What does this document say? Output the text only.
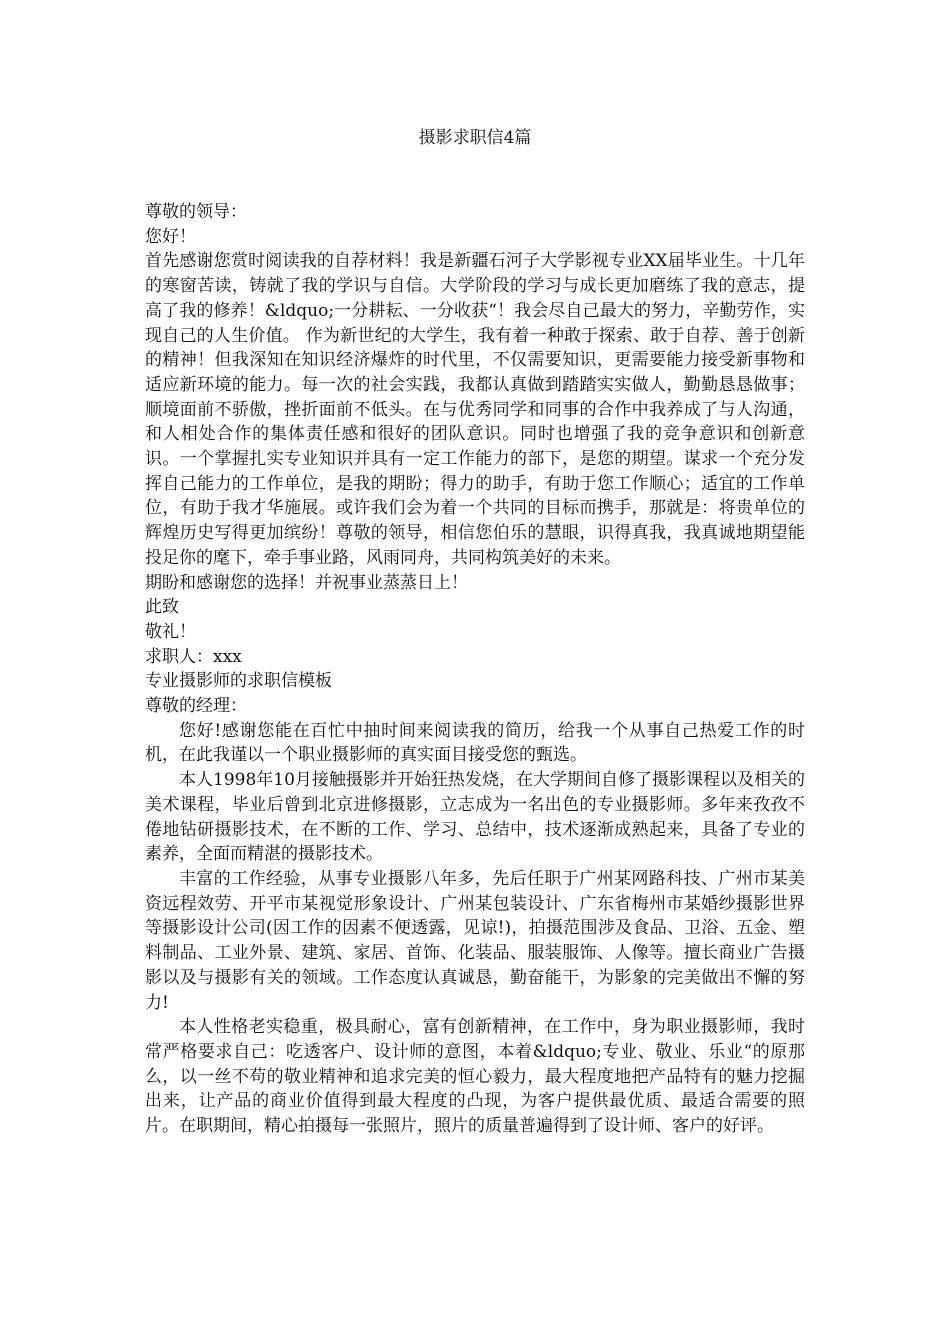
摄影求职信4篇

尊敬的领导：

您好！

首先感谢您赏时阅读我的自荐材料！我是新疆石河子大学影视专业XX届毕业生。十几年的寒窗苦读，铸就了我的学识与自信。大学阶段的学习与成长更加磨练了我的意志，提高了我的修养！&ldquo;一分耕耘、一分收获“！我会尽自己最大的努力，辛勤劳作，实现自己的人生价值。 作为新世纪的大学生，我有着一种敢于探索、敢于自荐、善于创新的精神！但我深知在知识经济爆炸的时代里，不仅需要知识，更需要能力接受新事物和适应新环境的能力。每一次的社会实践，我都认真做到踏踏实实做人，勤勤恳恳做事；顺境面前不骄傲，挫折面前不低头。在与优秀同学和同事的合作中我养成了与人沟通，和人相处合作的集体责任感和很好的团队意识。同时也增强了我的竞争意识和创新意识。一个掌握扎实专业知识并具有一定工作能力的部下，是您的期望。谋求一个充分发挥自己能力的工作单位，是我的期盼；得力的助手，有助于您工作顺心；适宜的工作单位，有助于我才华施展。或许我们会为着一个共同的目标而携手，那就是：将贵单位的辉煌历史写得更加缤纷！尊敬的领导，相信您伯乐的慧眼，识得真我，我真诚地期望能投足你的麾下，牵手事业路，风雨同舟，共同构筑美好的未来。

期盼和感谢您的选择！并祝事业蒸蒸日上！

此致

敬礼！

求职人：xxx

专业摄影师的求职信模板

尊敬的经理：

您好!感谢您能在百忙中抽时间来阅读我的简历，给我一个从事自己热爱工作的时机，在此我谨以一个职业摄影师的真实面目接受您的甄选。

本人1998年10月接触摄影并开始狂热发烧，在大学期间自修了摄影课程以及相关的美术课程，毕业后曾到北京进修摄影，立志成为一名出色的专业摄影师。多年来孜孜不倦地钻研摄影技术，在不断的工作、学习、总结中，技术逐渐成熟起来，具备了专业的素养，全面而精湛的摄影技术。

丰富的工作经验，从事专业摄影八年多，先后任职于广州某网路科技、广州市某美资远程效劳、开平市某视觉形象设计、广州某包装设计、广东省梅州市某婚纱摄影世界等摄影设计公司(因工作的因素不便透露，见谅!)，拍摄范围涉及食品、卫浴、五金、塑料制品、工业外景、建筑、家居、首饰、化装品、服装服饰、人像等。擅长商业广告摄影以及与摄影有关的领域。工作态度认真诚恳，勤奋能干，为影象的完美做出不懈的努力!

本人性格老实稳重，极具耐心，富有创新精神，在工作中，身为职业摄影师，我时常严格要求自己：吃透客户、设计师的意图，本着&ldquo;专业、敬业、乐业“的原那么，以一丝不苟的敬业精神和追求完美的恒心毅力，最大程度地把产品特有的魅力挖掘出来，让产品的商业价值得到最大程度的凸现，为客户提供最优质、最适合需要的照片。在职期间，精心拍摄每一张照片，照片的质量普遍得到了设计师、客户的好评。
